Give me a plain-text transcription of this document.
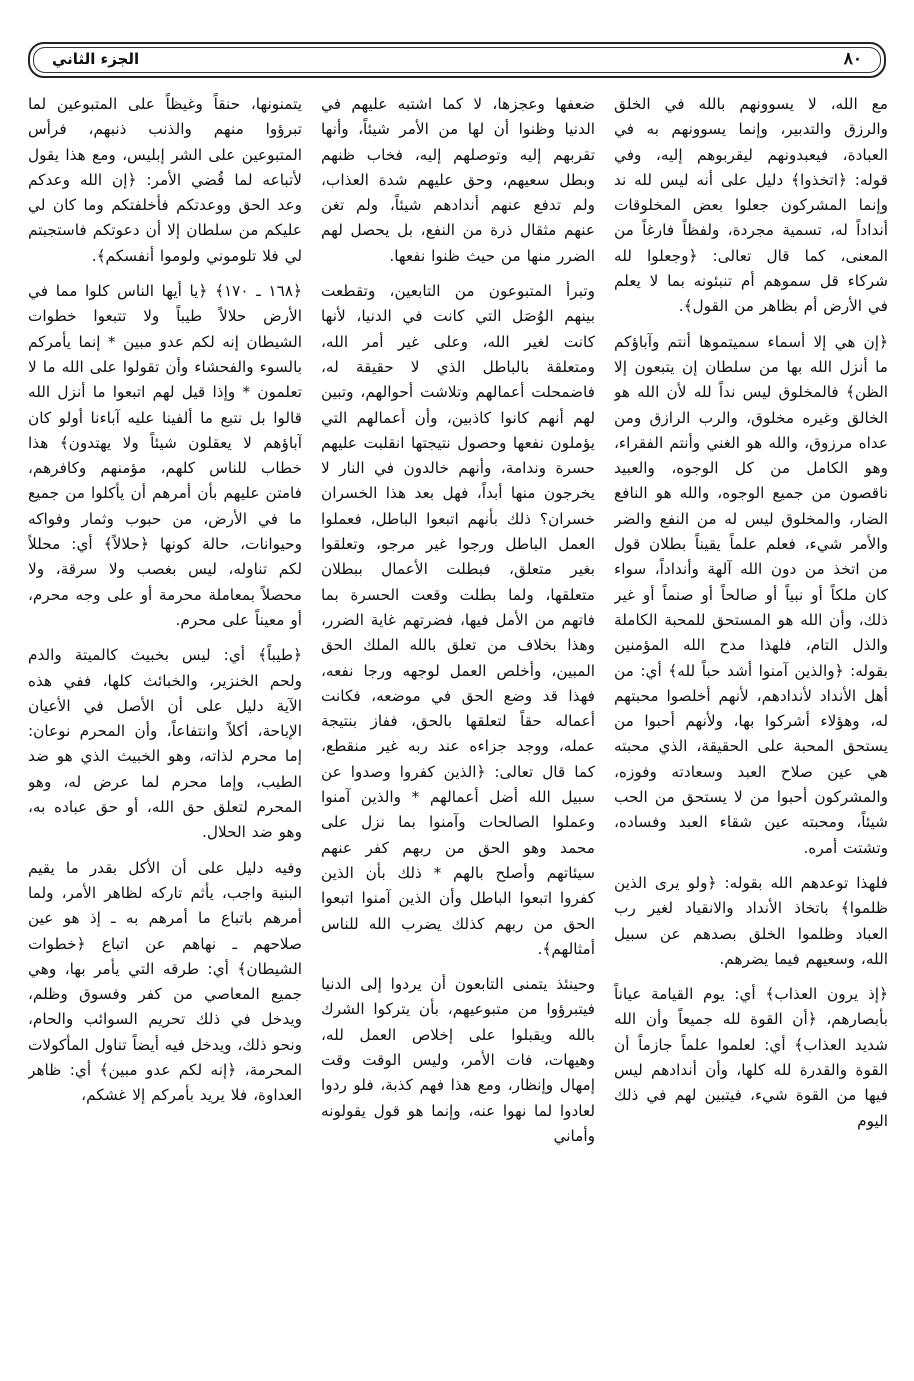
٨٠
الجزء الثاني

مع الله، لا يسوونهم بالله في الخلق والرزق والتدبير، وإنما يسوونهم به في العبادة، فيعبدونهم ليقربوهم إليه، وفي قوله: ﴿اتخذوا﴾ دليل على أنه ليس لله ند وإنما المشركون جعلوا بعض المخلوقات أنداداً له، تسمية مجردة، ولفظاً فارغاً من المعنى، كما قال تعالى: ﴿وجعلوا لله شركاء قل سموهم أم تنبئونه بما لا يعلم في الأرض أم بظاهر من القول﴾.

﴿إن هي إلا أسماء سميتموها أنتم وآباؤكم ما أنزل الله بها من سلطان إن يتبعون إلا الظن﴾ فالمخلوق ليس نداً لله لأن الله هو الخالق وغيره مخلوق، والرب الرازق ومن عداه مرزوق، والله هو الغني وأنتم الفقراء، وهو الكامل من كل الوجوه، والعبيد ناقصون من جميع الوجوه، والله هو النافع الضار، والمخلوق ليس له من النفع والضر والأمر شيء، فعلم علماً يقيناً بطلان قول من اتخذ من دون الله آلهة وأنداداً، سواء كان ملكاً أو نبياً أو صالحاً أو صنماً أو غير ذلك، وأن الله هو المستحق للمحبة الكاملة والذل التام، فلهذا مدح الله المؤمنين بقوله: ﴿والذين آمنوا أشد حباً لله﴾ أي: من أهل الأنداد لأندادهم، لأنهم أخلصوا محبتهم له، وهؤلاء أشركوا بها، ولأنهم أحبوا من يستحق المحبة على الحقيقة، الذي محبته هي عين صلاح العبد وسعادته وفوزه، والمشركون أحبوا من لا يستحق من الحب شيئاً، ومحبته عين شقاء العبد وفساده، وتشتت أمره.

فلهذا توعدهم الله بقوله: ﴿ولو يرى الذين ظلموا﴾ باتخاذ الأنداد والانقياد لغير رب العباد وظلموا الخلق بصدهم عن سبيل الله، وسعيهم فيما يضرهم.

﴿إذ يرون العذاب﴾ أي: يوم القيامة عياناً بأبصارهم، ﴿أن القوة لله جميعاً وأن الله شديد العذاب﴾ أي: لعلموا علماً جازماً أن القوة والقدرة لله كلها، وأن أندادهم ليس فيها من القوة شيء، فيتبين لهم في ذلك اليوم

ضعفها وعجزها، لا كما اشتبه عليهم في الدنيا وظنوا أن لها من الأمر شيئاً، وأنها تقربهم إليه وتوصلهم إليه، فخاب ظنهم وبطل سعيهم، وحق عليهم شدة العذاب، ولم تدفع عنهم أندادهم شيئاً، ولم تغن عنهم مثقال ذرة من النفع، بل يحصل لهم الضرر منها من حيث ظنوا نفعها.

وتبرأ المتبوعون من التابعين، وتقطعت بينهم الوُصَل التي كانت في الدنيا، لأنها كانت لغير الله، وعلى غير أمر الله، ومتعلقة بالباطل الذي لا حقيقة له، فاضمحلت أعمالهم وتلاشت أحوالهم، وتبين لهم أنهم كانوا كاذبين، وأن أعمالهم التي يؤملون نفعها وحصول نتيجتها انقلبت عليهم حسرة وندامة، وأنهم خالدون في النار لا يخرجون منها أبداً، فهل بعد هذا الخسران خسران؟ ذلك بأنهم اتبعوا الباطل، فعملوا العمل الباطل ورجوا غير مرجو، وتعلقوا بغير متعلق، فبطلت الأعمال ببطلان متعلقها، ولما بطلت وقعت الحسرة بما فاتهم من الأمل فيها، فضرتهم غاية الضرر، وهذا بخلاف من تعلق بالله الملك الحق المبين، وأخلص العمل لوجهه ورجا نفعه، فهذا قد وضع الحق في موضعه، فكانت أعماله حقاً لتعلقها بالحق، ففاز بنتيجة عمله، ووجد جزاءه عند ربه غير منقطع، كما قال تعالى: ﴿الذين كفروا وصدوا عن سبيل الله أضل أعمالهم * والذين آمنوا وعملوا الصالحات وآمنوا بما نزل على محمد وهو الحق من ربهم كفر عنهم سيئاتهم وأصلح بالهم * ذلك بأن الذين كفروا اتبعوا الباطل وأن الذين آمنوا اتبعوا الحق من ربهم كذلك يضرب الله للناس أمثالهم﴾.

وحينئذ يتمنى التابعون أن يردوا إلى الدنيا فيتبرؤوا من متبوعيهم، بأن يتركوا الشرك بالله ويقبلوا على إخلاص العمل لله، وهيهات، فات الأمر، وليس الوقت وقت إمهال وإنظار، ومع هذا فهم كذبة، فلو ردوا لعادوا لما نهوا عنه، وإنما هو قول يقولونه وأماني

يتمنونها، حنقاً وغيظاً على المتبوعين لما تبرؤوا منهم والذنب ذنبهم، فرأس المتبوعين على الشر إبليس، ومع هذا يقول لأتباعه لما قُضي الأمر: ﴿إن الله وعدكم وعد الحق ووعدتكم فأخلفتكم وما كان لي عليكم من سلطان إلا أن دعوتكم فاستجبتم لي فلا تلوموني ولوموا أنفسكم﴾.

﴿١٦٨ ـ ١٧٠﴾ ﴿يا أيها الناس كلوا مما في الأرض حلالاً طيباً ولا تتبعوا خطوات الشيطان إنه لكم عدو مبين * إنما يأمركم بالسوء والفحشاء وأن تقولوا على الله ما لا تعلمون * وإذا قيل لهم اتبعوا ما أنزل الله قالوا بل نتبع ما ألفينا عليه آباءنا أولو كان آباؤهم لا يعقلون شيئاً ولا يهتدون﴾ هذا خطاب للناس كلهم، مؤمنهم وكافرهم، فامتن عليهم بأن أمرهم أن يأكلوا من جميع ما في الأرض، من حبوب وثمار وفواكه وحيوانات، حالة كونها ﴿حلالاً﴾ أي: محللاً لكم تناوله، ليس بغصب ولا سرقة، ولا محصلاً بمعاملة محرمة أو على وجه محرم، أو معيناً على محرم.

﴿طيباً﴾ أي: ليس بخبيث كالميتة والدم ولحم الخنزير، والخبائث كلها، ففي هذه الآية دليل على أن الأصل في الأعيان الإباحة، أكلاً وانتفاعاً، وأن المحرم نوعان: إما محرم لذاته، وهو الخبيث الذي هو ضد الطيب، وإما محرم لما عرض له، وهو المحرم لتعلق حق الله، أو حق عباده به، وهو ضد الحلال.

وفيه دليل على أن الأكل بقدر ما يقيم البنية واجب، يأثم تاركه لظاهر الأمر، ولما أمرهم باتباع ما أمرهم به ـ إذ هو عين صلاحهم ـ نهاهم عن اتباع ﴿خطوات الشيطان﴾ أي: طرقه التي يأمر بها، وهي جميع المعاصي من كفر وفسوق وظلم، ويدخل في ذلك تحريم السوائب والحام، ونحو ذلك، ويدخل فيه أيضاً تناول المأكولات المحرمة، ﴿إنه لكم عدو مبين﴾ أي: ظاهر العداوة، فلا يريد بأمركم إلا غشكم،
